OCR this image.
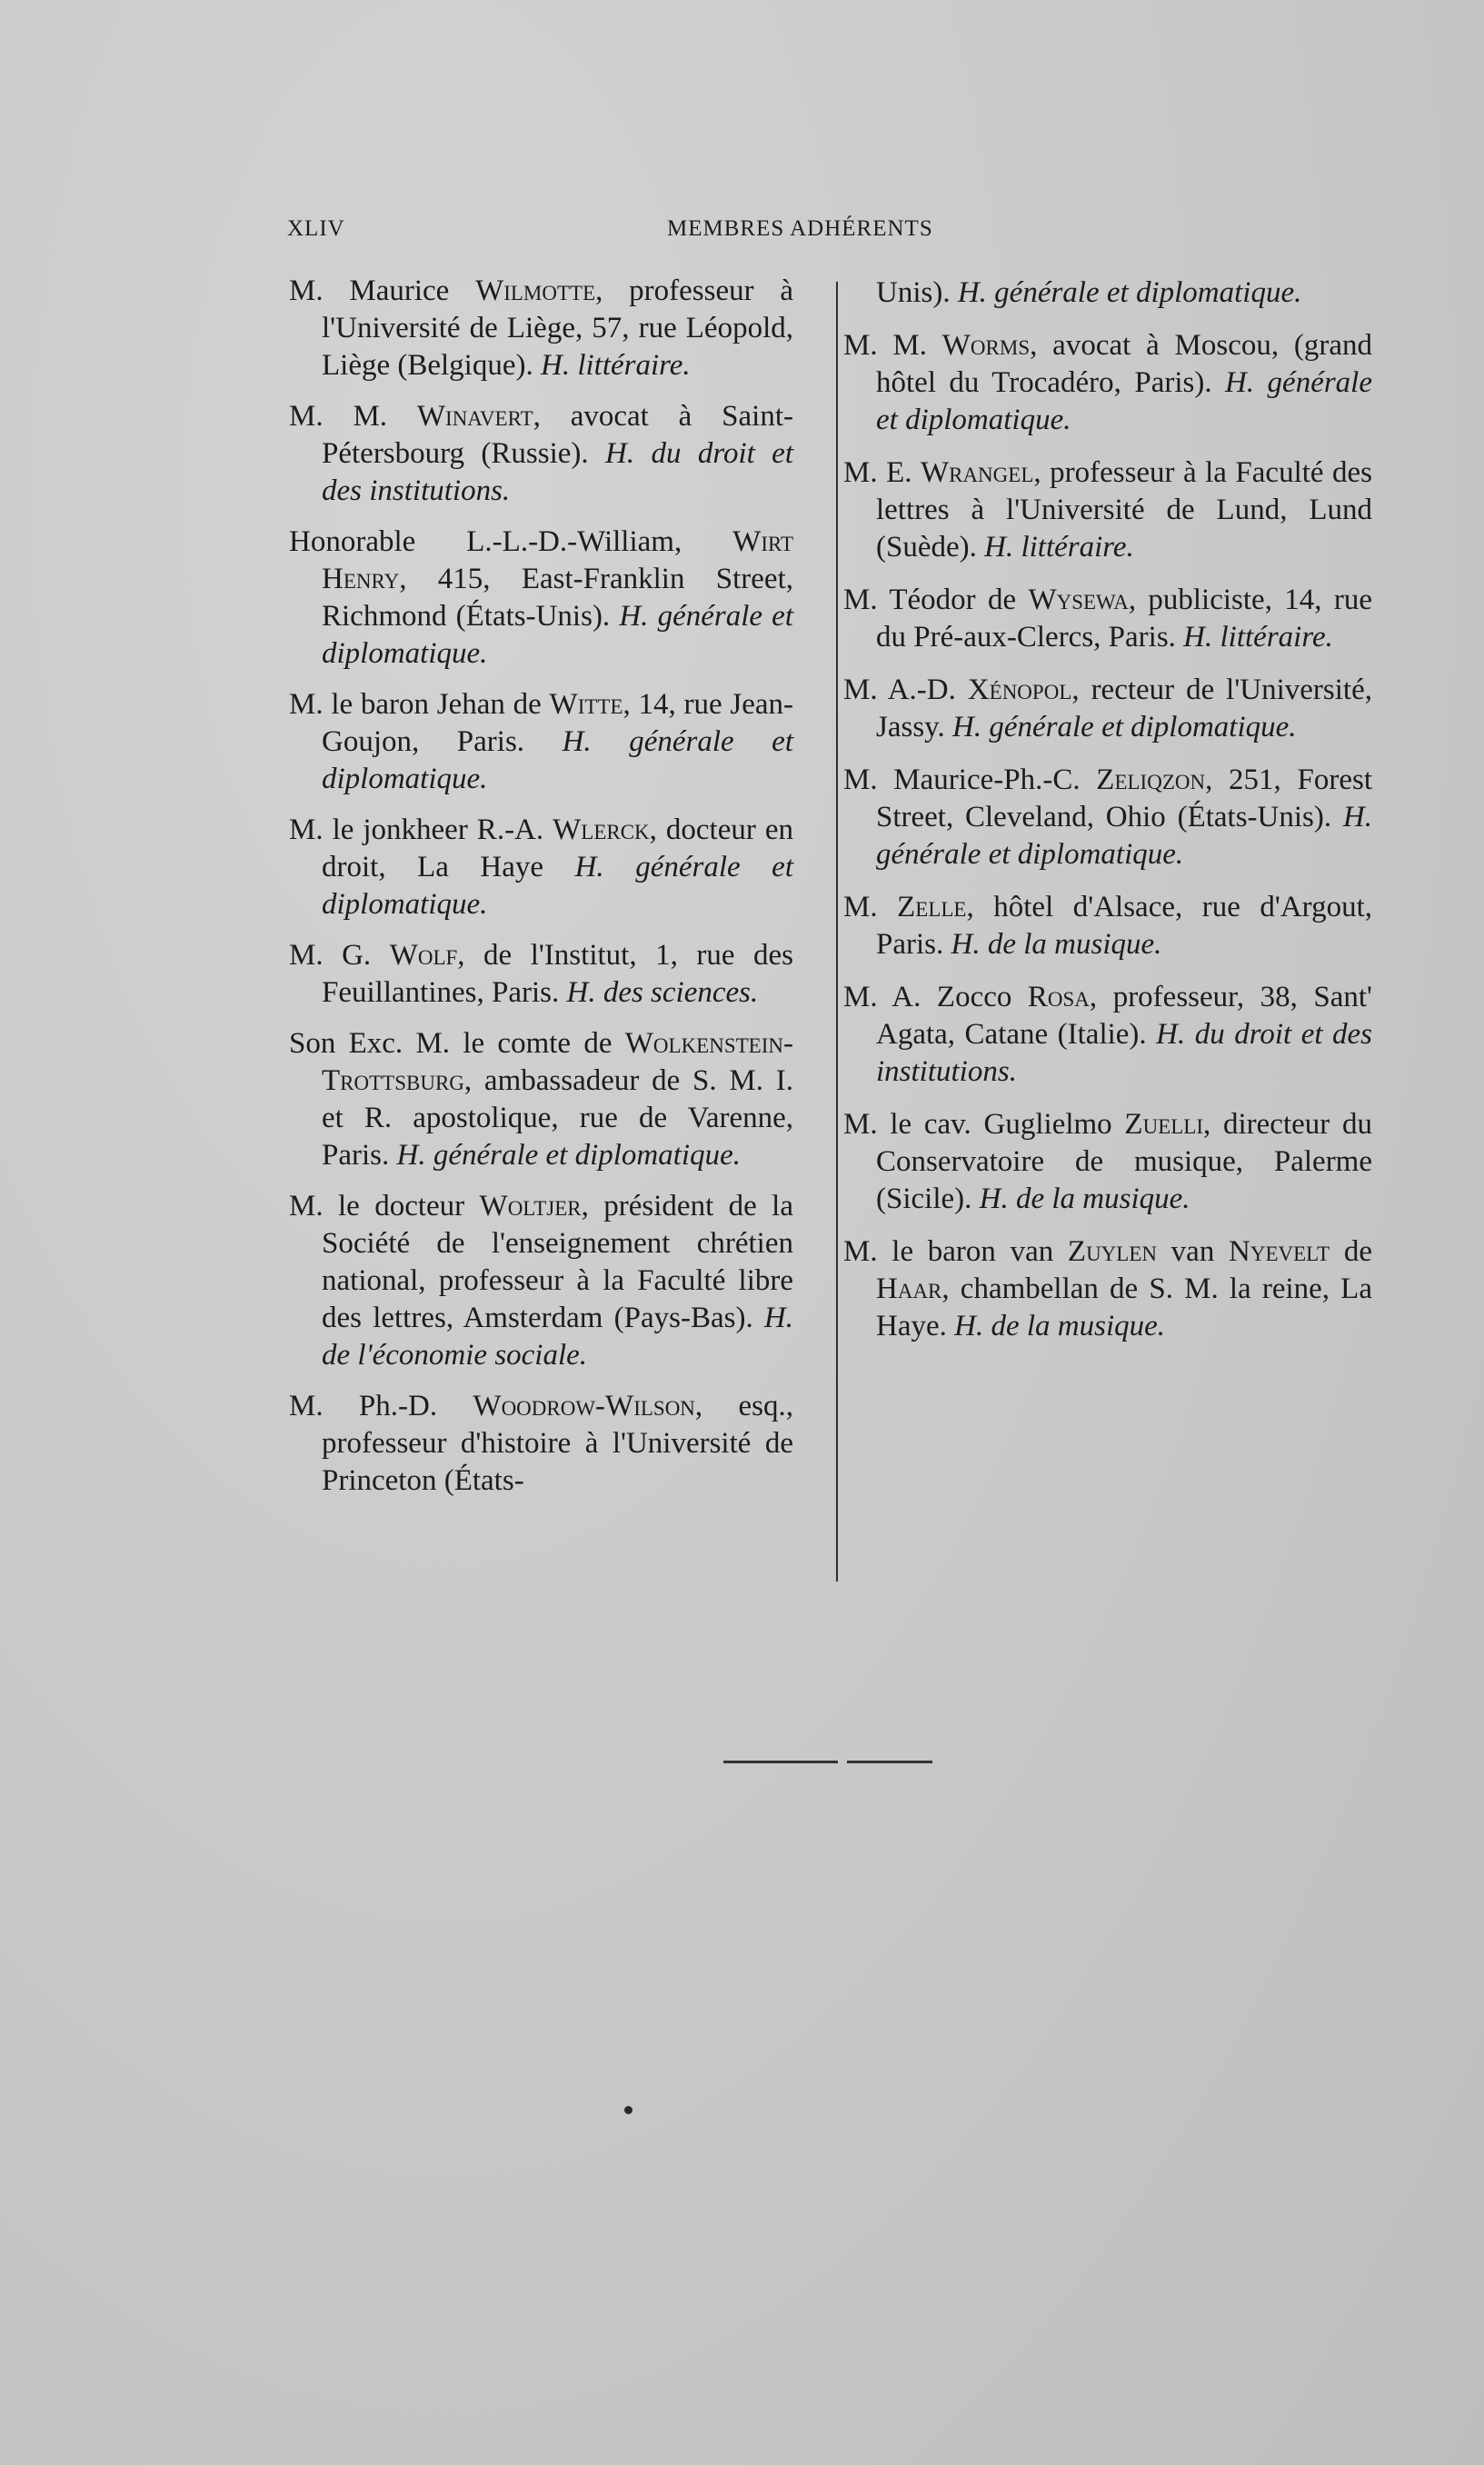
XLIV	MEMBRES ADHÉRENTS

M. Maurice Wilmotte, professeur à l'Université de Liège, 57, rue Léopold, Liège (Belgique). H. littéraire.

M. M. Winavert, avocat à Saint-Pétersbourg (Russie). H. du droit et des institutions.

Honorable L.-L.-D.-William, Wirt Henry, 415, East-Franklin Street, Richmond (États-Unis). H. générale et diplomatique.

M. le baron Jehan de Witte, 14, rue Jean-Goujon, Paris. H. générale et diplomatique.

M. le jonkheer R.-A. Wlerck, docteur en droit, La Haye H. générale et diplomatique.

M. G. Wolf, de l'Institut, 1, rue des Feuillantines, Paris. H. des sciences.

Son Exc. M. le comte de Wolkenstein-Trottsburg, ambassadeur de S. M. I. et R. apostolique, rue de Varenne, Paris. H. générale et diplomatique.

M. le docteur Woltjer, président de la Société de l'enseignement chrétien national, professeur à la Faculté libre des lettres, Amsterdam (Pays-Bas). H. de l'économie sociale.

M. Ph.-D. Woodrow-Wilson, esq., professeur d'histoire à l'Université de Princeton (États-

Unis). H. générale et diplomatique.

M. M. Worms, avocat à Moscou, (grand hôtel du Trocadéro, Paris). H. générale et diplomatique.

M. E. Wrangel, professeur à la Faculté des lettres à l'Université de Lund, Lund (Suède). H. littéraire.

M. Téodor de Wysewa, publiciste, 14, rue du Pré-aux-Clercs, Paris. H. littéraire.

M. A.-D. Xénopol, recteur de l'Université, Jassy. H. générale et diplomatique.

M. Maurice-Ph.-C. Zeliqzon, 251, Forest Street, Cleveland, Ohio (États-Unis). H. générale et diplomatique.

M. Zelle, hôtel d'Alsace, rue d'Argout, Paris. H. de la musique.

M. A. Zocco Rosa, professeur, 38, Sant' Agata, Catane (Italie). H. du droit et des institutions.

M. le cav. Guglielmo Zuelli, directeur du Conservatoire de musique, Palerme (Sicile). H. de la musique.

M. le baron van Zuylen van Nyevelt de Haar, chambellan de S. M. la reine, La Haye. H. de la musique.
